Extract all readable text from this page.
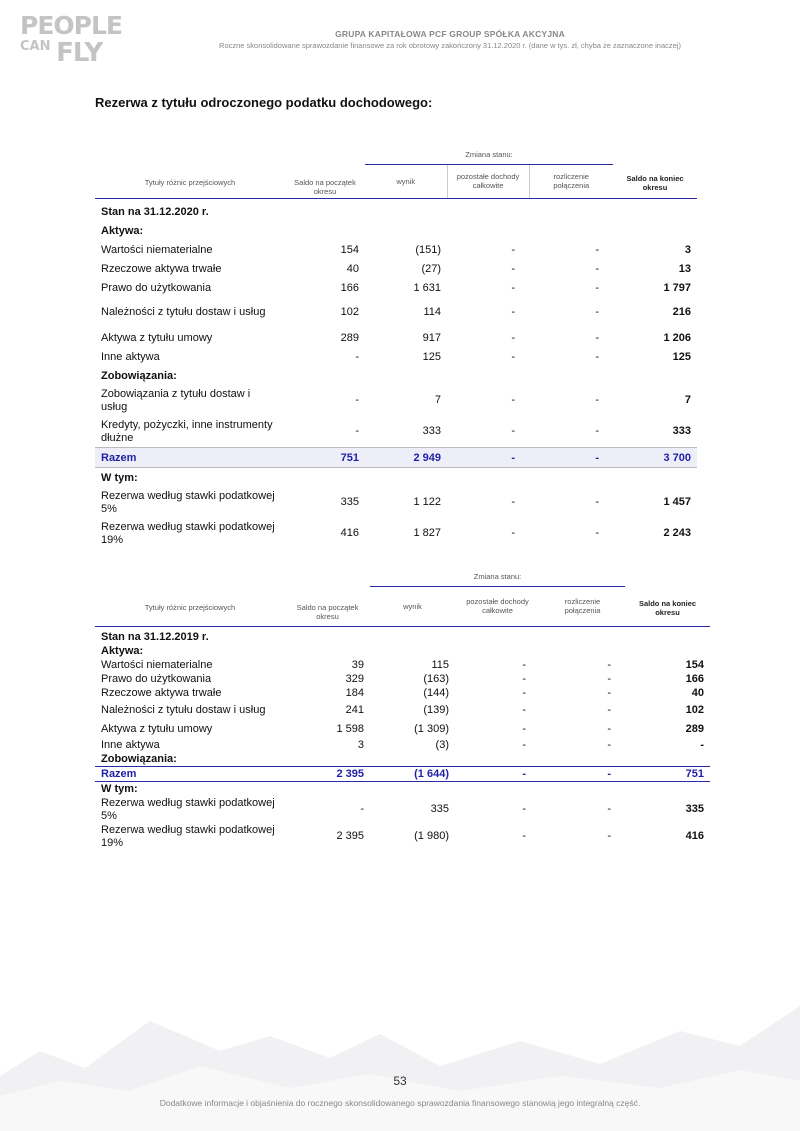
PEOPLE
$^{CAN}$ FLY
GRUPA KAPITAŁOWA PCF GROUP SPÓŁKA AKCYJNA
Roczne skonsolidowane sprawozdanie finansowe za rok obrotowy zakończony 31.12.2020 r. (dane w tys. zł, chyba że zaznaczone inaczej)
Rezerwa z tytułu odroczonego podatku dochodowego:
Tytuły różnic przejściowych	Saldo na początek okresu	Zmiana stanu:			Saldo na koniec okresu
		wynik	pozostałe dochody całkowite	rozliczenie połączenia	

Stan na 31.12.2020 r.					
Aktywa:					
Wartości niematerialne	154	(151)	-	-	3
Rzeczowe aktywa trwałe	40	(27)	-	-	13
Prawo do użytkowania	166	1 631	-	-	1 797
Należności z tytułu dostaw i usług	102	114	-	-	216
Aktywa z tytułu umowy	289	917	-	-	1 206
Inne aktywa	-	125	-	-	125
Zobowiązania:					
Zobowiązania z tytułu dostaw i usług	-	7	-	-	7
Kredyty, pożyczki, inne instrumenty dłużne	-	333	-	-	333
Razem	751	2 949	-	-	3 700
W tym:					
Rezerwa według stawki podatkowej 5%	335	1 122	-	-	1 457
Rezerwa według stawki podatkowej 19%	416	1 827	-	-	2 243
Tytuły różnic przejściowych	Saldo na początek okresu	Zmiana stanu:			Saldo na koniec okresu
		wynik	pozostałe dochody całkowite	rozliczenie połączenia	

Stan na 31.12.2019 r.					
Aktywa:					
Wartości niematerialne	39	115	-	-	154
Prawo do użytkowania	329	(163)	-	-	166
Rzeczowe aktywa trwałe	184	(144)	-	-	40
Należności z tytułu dostaw i usług	241	(139)	-	-	102
Aktywa z tytułu umowy	1 598	(1 309)	-	-	289
Inne aktywa	3	(3)	-	-	-
Zobowiązania:					
Razem	2 395	(1 644)	-	-	751
W tym:					
Rezerwa według stawki podatkowej 5%	-	335	-	-	335
Rezerwa według stawki podatkowej 19%	2 395	(1 980)	-	-	416
53
Dodatkowe informacje i objaśnienia do rocznego skonsolidowanego sprawozdania finansowego stanowią jego integralną część.
